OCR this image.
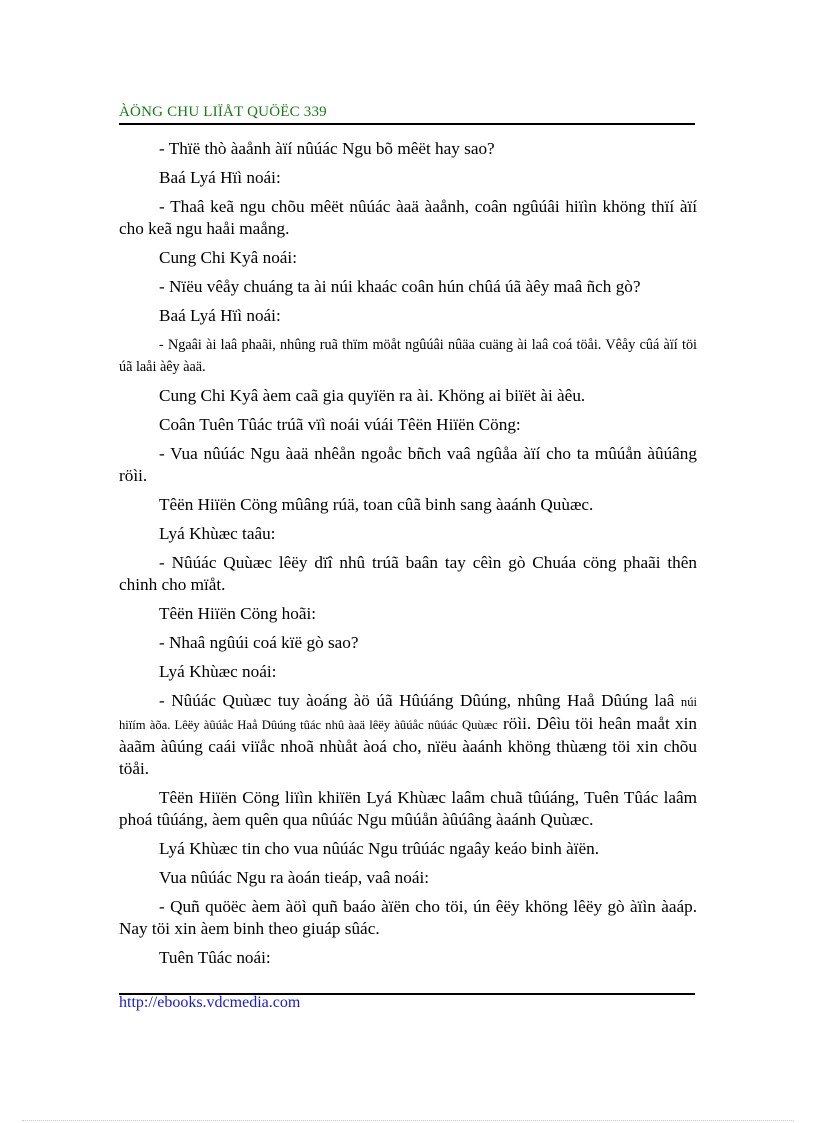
ÀÖNG CHU LIÏÅT QUÖËC 339

- Thïë thò àaånh àïí nûúác Ngu bõ mêët hay sao?

Baá Lyá Hïì noái:

- Thaâ keã ngu chõu mêët nûúác àaä àaånh, coân ngûúâi hiïìn khöng thïí àïí cho keã ngu haåi maång.

Cung Chi Kyâ noái:

- Nïëu vêåy chuáng ta ài núi khaác coân hún chûá úã àêy maâ ñch gò?

Baá Lyá Hïì noái:

- Ngaâi ài laâ phaãi, nhûng ruã thïm möåt ngûúâi nûäa cuäng ài laâ coá töåi. Vêåy cûá àïí töi úã laåi àêy àaä.

Cung Chi Kyâ àem caã gia quyïën ra ài. Khöng ai biïët ài àêu.

Coân Tuên Tûác trúã vïì noái vúái Têën Hiïën Cöng:

- Vua nûúác Ngu àaä nhêån ngoåc bñch vaâ ngûåa àïí cho ta mûúån àûúâng röìi.

Têën Hiïën Cöng mûâng rúä, toan cûã binh sang àaánh Quùæc.

Lyá Khùæc taâu:

- Nûúác Quùæc lêëy dïî nhû trúã baân tay cêìn gò Chuáa cöng phaãi thên chinh cho mïåt.

Têën Hiïën Cöng hoãi:

- Nhaâ ngûúi coá kïë gò sao?

Lyá Khùæc noái:

- Nûúác Quùæc tuy àoáng àö úã Hûúáng Dûúng, nhûng Haå Dûúng laâ núi hiïím àõa. Lêëy àûúåc Haå Dûúng tûác nhû àaä lêëy àûúåc nûúác Quùæc röìi. Dêìu töi heân maåt xin àaãm àûúng caái viïåc nhoã nhùåt àoá cho, nïëu àaánh khöng thùæng töi xin chõu töåi.

Têën Hiïën Cöng liïìn khiïën Lyá Khùæc laâm chuã tûúáng, Tuên Tûác laâm phoá tûúáng, àem quên qua nûúác Ngu mûúån àûúâng àaánh Quùæc.

Lyá Khùæc tin cho vua nûúác Ngu trûúác ngaây keáo binh àïën.

Vua nûúác Ngu ra àoán tieáp, vaâ noái:

- Quñ quöëc àem àöì quñ baáo àïën cho töi, ún êëy khöng lêëy gò àïìn àaáp. Nay töi xin àem binh theo giuáp sûác.

Tuên Tûác noái:

http://ebooks.vdcmedia.com
